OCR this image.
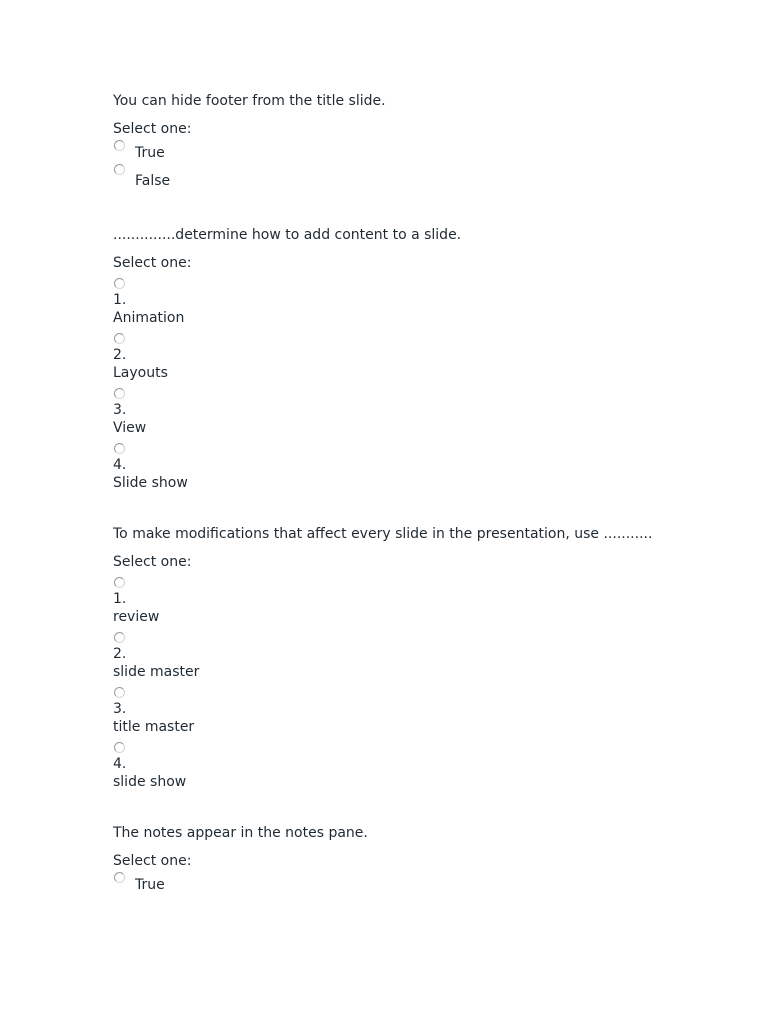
You can hide footer from the title slide.

Select one:
True
False

..............determine how to add content to a slide.

Select one:
1.
Animation
2.
Layouts
3.
View
4.
Slide show

To make modifications that affect every slide in the presentation, use ...........

Select one:
1.
review
2.
slide master
3.
title master
4.
slide show

The notes appear in the notes pane.

Select one:
True
